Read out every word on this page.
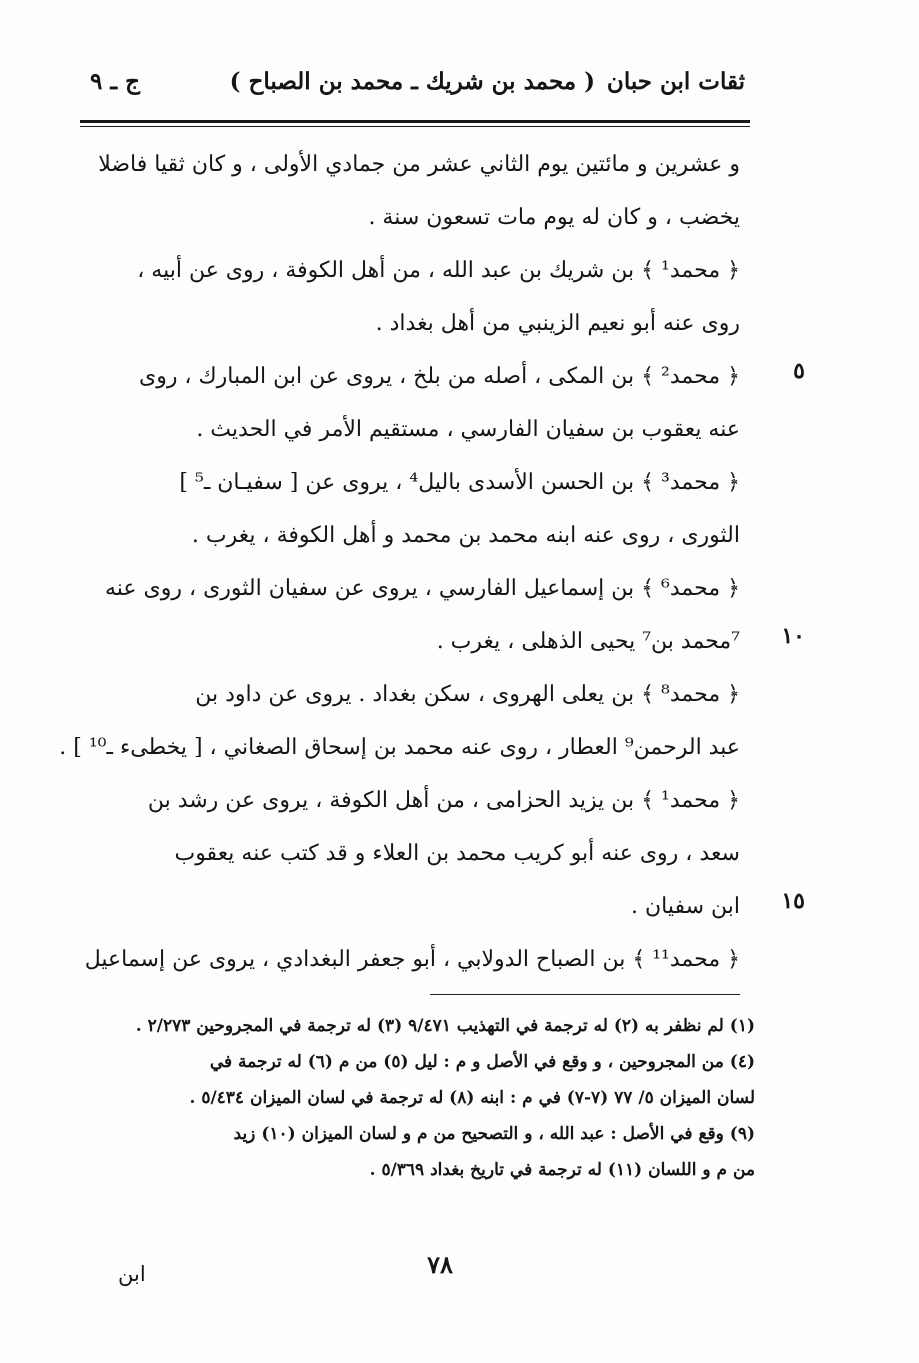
ثقات ابن حبان
( محمد بن شريك ـ محمد بن الصباح )
ج ـ ٩
و عشرين و مائتين يوم الثاني عشر من جمادي الأولى ، و كان ثقيا فاضلا
يخضب ، و كان له يوم مات تسعون سنة .
﴿ محمد¹ ﴾ بن شريك بن عبد الله ، من أهل الكوفة ، روى عن أبيه ،
روى عنه أبو نعيم الزينبي من أهل بغداد .
﴿ محمد² ﴾ بن المكى ، أصله من بلخ ، يروى عن ابن المبارك ، روى
عنه يعقوب بن سفيان الفارسي ، مستقيم الأمر في الحديث .
﴿ محمد³ ﴾ بن الحسن الأسدى باليل⁴ ، يروى عن [ سفيـان ـ⁵ ]
الثورى ، روى عنه ابنه محمد بن محمد و أهل الكوفة ، يغرب .
﴿ محمد⁶ ﴾ بن إسماعيل الفارسي ، يروى عن سفيان الثورى ، روى عنه
⁷محمد بن⁷ يحيى الذهلى ، يغرب .
﴿ محمد⁸ ﴾ بن يعلى الهروى ، سكن بغداد . يروى عن داود بن
عبد الرحمن⁹ العطار ، روى عنه محمد بن إسحاق الصغاني ، [ يخطىء ـ¹⁰ ] .
﴿ محمد¹ ﴾ بن يزيد الحزامى ، من أهل الكوفة ، يروى عن رشد بن
سعد ، روى عنه أبو كريب محمد بن العلاء و قد كتب عنه يعقوب
ابن سفيان .
﴿ محمد¹¹ ﴾ بن الصباح الدولابي ، أبو جعفر البغدادي ، يروى عن إسماعيل
(١) لم نظفر به (٢) له ترجمة في التهذيب ٩/٤٧١ (٣) له ترجمة في المجروحين ٢/٢٧٣ .
(٤) من المجروحين ، و وقع في الأصل و م : ليل (٥) من م (٦) له ترجمة في
لسان الميزان ٥/ ٧٧ (٧-٧) في م : ابنه (٨) له ترجمة في لسان الميزان ٥/٤٣٤ .
(٩) وقع في الأصل : عبد الله ، و التصحيح من م و لسان الميزان (١٠) زيد
من م و اللسان (١١) له ترجمة في تاريخ بغداد ٥/٣٦٩ .
٧٨
ابن
٥
١٠
١٥
